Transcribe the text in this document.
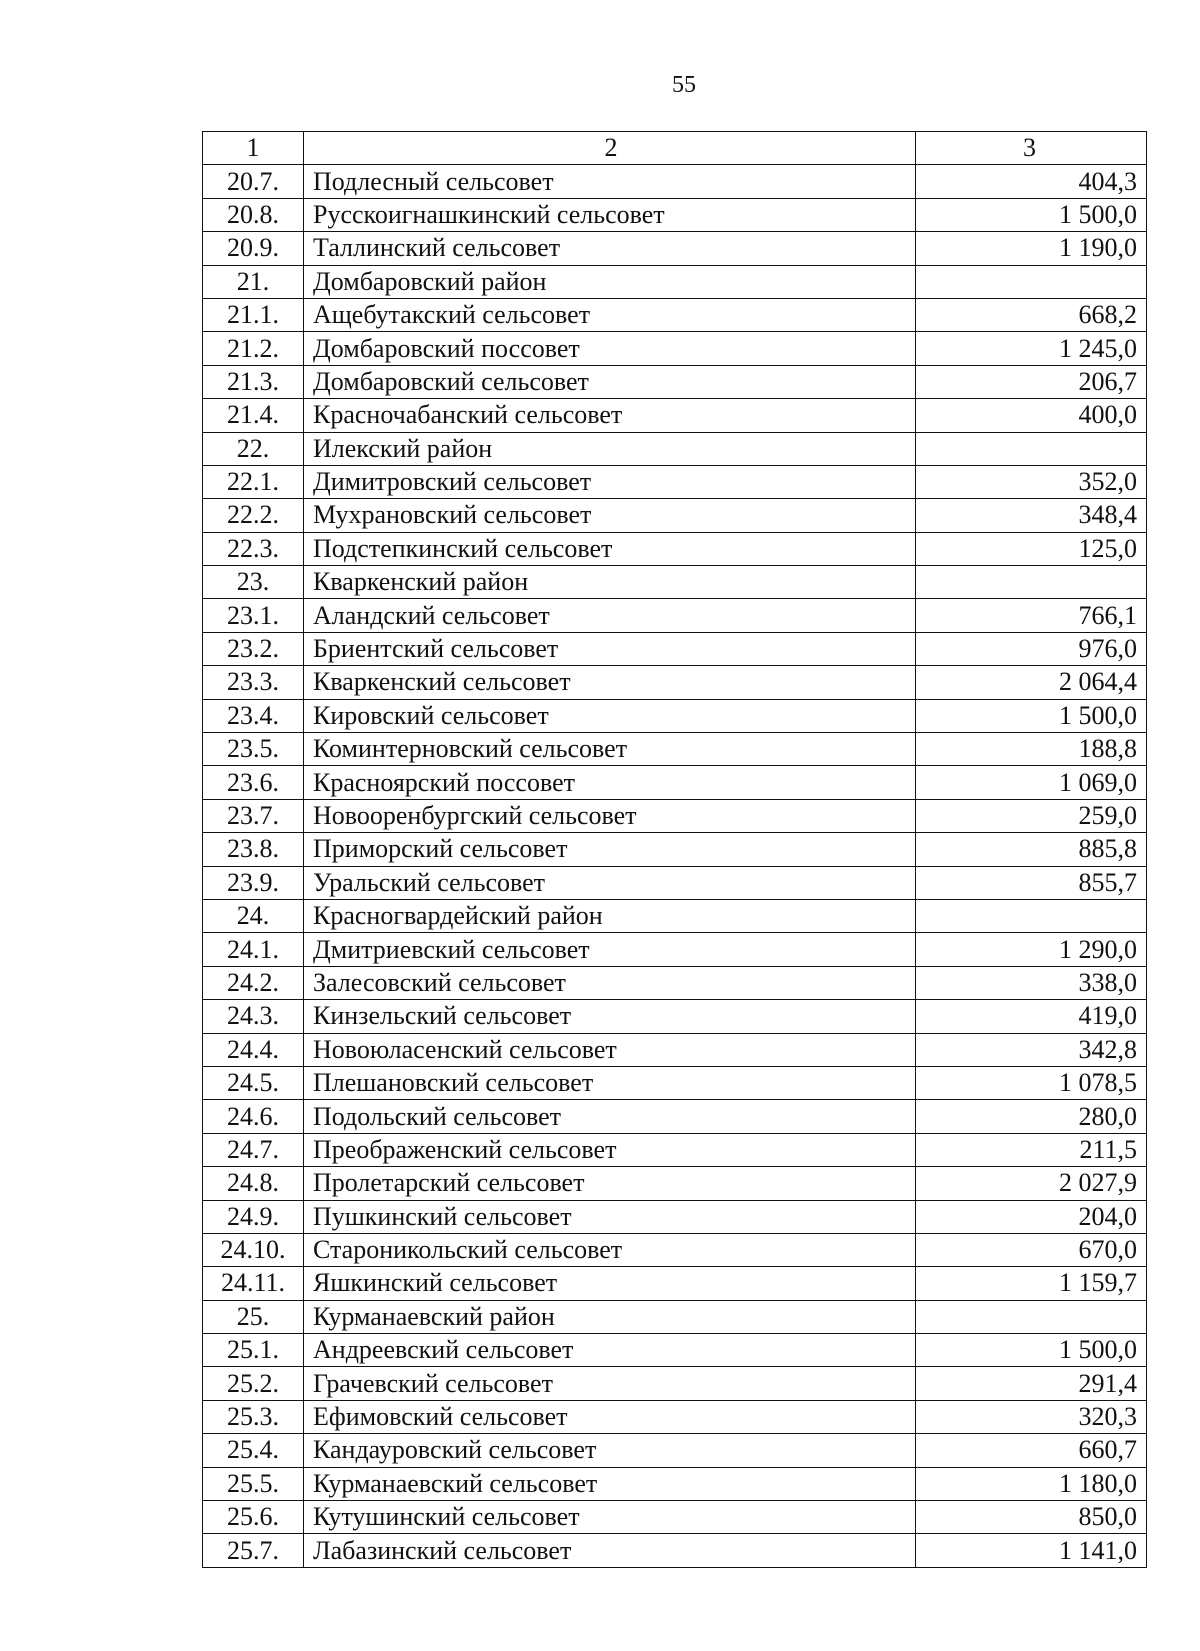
55
1	2	3
20.7.	Подлесный сельсовет	404,3
20.8.	Русскоигнашкинский сельсовет	1 500,0
20.9.	Таллинский сельсовет	1 190,0
21.	Домбаровский район	
21.1.	Ащебутакский сельсовет	668,2
21.2.	Домбаровский поссовет	1 245,0
21.3.	Домбаровский сельсовет	206,7
21.4.	Красночабанский сельсовет	400,0
22.	Илекский район	
22.1.	Димитровский сельсовет	352,0
22.2.	Мухрановский сельсовет	348,4
22.3.	Подстепкинский сельсовет	125,0
23.	Кваркенский район	
23.1.	Аландский сельсовет	766,1
23.2.	Бриентский сельсовет	976,0
23.3.	Кваркенский сельсовет	2 064,4
23.4.	Кировский сельсовет	1 500,0
23.5.	Коминтерновский сельсовет	188,8
23.6.	Красноярский поссовет	1 069,0
23.7.	Новооренбургский сельсовет	259,0
23.8.	Приморский сельсовет	885,8
23.9.	Уральский сельсовет	855,7
24.	Красногвардейский район	
24.1.	Дмитриевский сельсовет	1 290,0
24.2.	Залесовский сельсовет	338,0
24.3.	Кинзельский сельсовет	419,0
24.4.	Новоюласенский сельсовет	342,8
24.5.	Плешановский сельсовет	1 078,5
24.6.	Подольский сельсовет	280,0
24.7.	Преображенский сельсовет	211,5
24.8.	Пролетарский сельсовет	2 027,9
24.9.	Пушкинский сельсовет	204,0
24.10.	Староникольский сельсовет	670,0
24.11.	Яшкинский сельсовет	1 159,7
25.	Курманаевский район	
25.1.	Андреевский сельсовет	1 500,0
25.2.	Грачевский сельсовет	291,4
25.3.	Ефимовский сельсовет	320,3
25.4.	Кандауровский сельсовет	660,7
25.5.	Курманаевский сельсовет	1 180,0
25.6.	Кутушинский сельсовет	850,0
25.7.	Лабазинский сельсовет	1 141,0
